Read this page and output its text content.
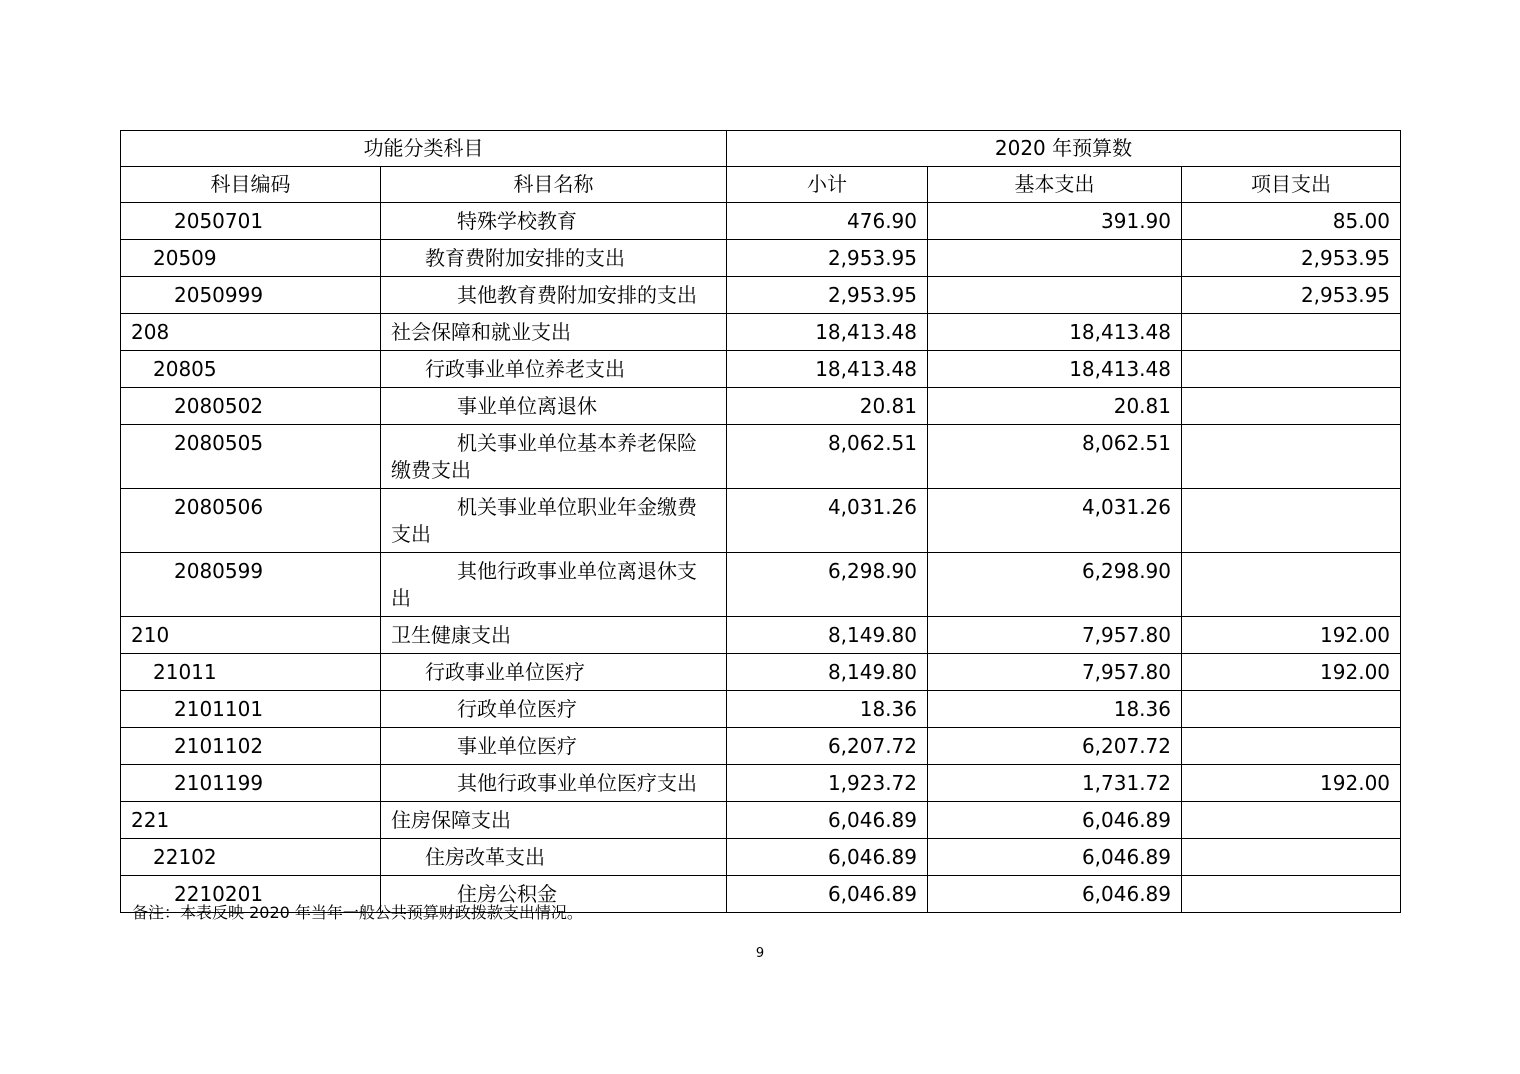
功能分类科目		2020 年预算数		
科目编码	科目名称	小计	基本支出	项目支出
2050701	特殊学校教育	476.90	391.90	85.00
20509	教育费附加安排的支出	2,953.95		2,953.95
2050999	其他教育费附加安排的支出	2,953.95		2,953.95
208	社会保障和就业支出	18,413.48	18,413.48	
20805	行政事业单位养老支出	18,413.48	18,413.48	
2080502	事业单位离退休	20.81	20.81	
2080505	机关事业单位基本养老保险缴费支出	8,062.51	8,062.51	
2080506	机关事业单位职业年金缴费支出	4,031.26	4,031.26	
2080599	其他行政事业单位离退休支出	6,298.90	6,298.90	
210	卫生健康支出	8,149.80	7,957.80	192.00
21011	行政事业单位医疗	8,149.80	7,957.80	192.00
2101101	行政单位医疗	18.36	18.36	
2101102	事业单位医疗	6,207.72	6,207.72	
2101199	其他行政事业单位医疗支出	1,923.72	1,731.72	192.00
221	住房保障支出	6,046.89	6,046.89	
22102	住房改革支出	6,046.89	6,046.89	
2210201	住房公积金	6,046.89	6,046.89	
备注：本表反映 2020 年当年一般公共预算财政拨款支出情况。
9
